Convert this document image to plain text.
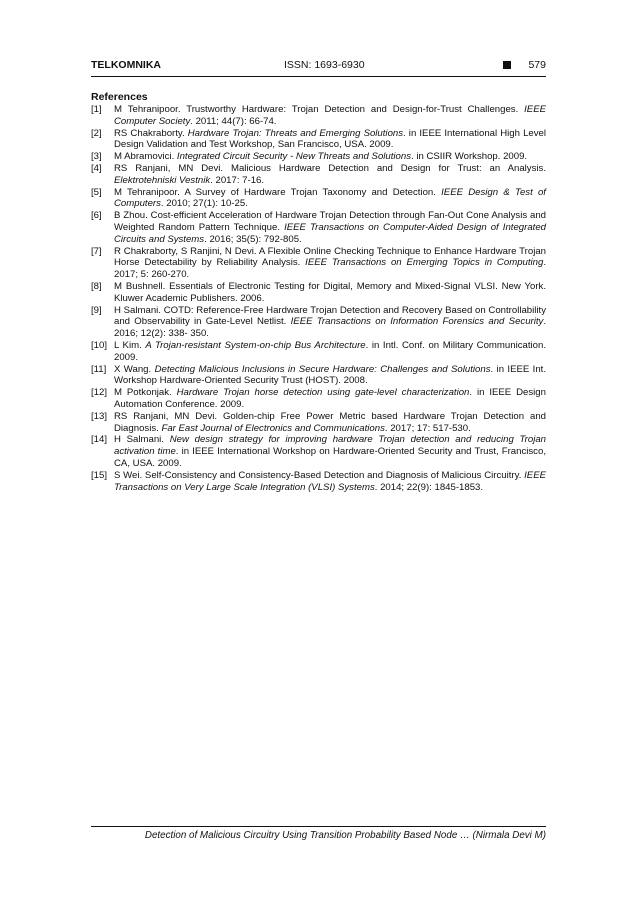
TELKOMNIKA	ISSN: 1693-6930	579
References
[1] M Tehranipoor. Trustworthy Hardware: Trojan Detection and Design-for-Trust Challenges. IEEE Computer Society. 2011; 44(7): 66-74.
[2] RS Chakraborty. Hardware Trojan: Threats and Emerging Solutions. in IEEE International High Level Design Validation and Test Workshop, San Francisco, USA. 2009.
[3] M Abramovici. Integrated Circuit Security - New Threats and Solutions. in CSIIR Workshop. 2009.
[4] RS Ranjani, MN Devi. Malicious Hardware Detection and Design for Trust: an Analysis. Elektrotehniski Vestnik. 2017: 7-16.
[5] M Tehranipoor. A Survey of Hardware Trojan Taxonomy and Detection. IEEE Design & Test of Computers. 2010; 27(1): 10-25.
[6] B Zhou. Cost-efficient Acceleration of Hardware Trojan Detection through Fan-Out Cone Analysis and Weighted Random Pattern Technique. IEEE Transactions on Computer-Aided Design of Integrated Circuits and Systems. 2016; 35(5): 792-805.
[7] R Chakraborty, S Ranjini, N Devi. A Flexible Online Checking Technique to Enhance Hardware Trojan Horse Detectability by Reliability Analysis. IEEE Transactions on Emerging Topics in Computing. 2017; 5: 260-270.
[8] M Bushnell. Essentials of Electronic Testing for Digital, Memory and Mixed-Signal VLSI. New York. Kluwer Academic Publishers. 2006.
[9] H Salmani. COTD: Reference-Free Hardware Trojan Detection and Recovery Based on Controllability and Observability in Gate-Level Netlist. IEEE Transactions on Information Forensics and Security. 2016; 12(2): 338- 350.
[10] L Kim. A Trojan-resistant System-on-chip Bus Architecture. in Intl. Conf. on Military Communication. 2009.
[11] X Wang. Detecting Malicious Inclusions in Secure Hardware: Challenges and Solutions. in IEEE Int. Workshop Hardware-Oriented Security Trust (HOST). 2008.
[12] M Potkonjak. Hardware Trojan horse detection using gate-level characterization. in IEEE Design Automation Conference. 2009.
[13] RS Ranjani, MN Devi. Golden-chip Free Power Metric based Hardware Trojan Detection and Diagnosis. Far East Journal of Electronics and Communications. 2017; 17: 517-530.
[14] H Salmani. New design strategy for improving hardware Trojan detection and reducing Trojan activation time. in IEEE International Workshop on Hardware-Oriented Security and Trust, Francisco, CA, USA. 2009.
[15] S Wei. Self-Consistency and Consistency-Based Detection and Diagnosis of Malicious Circuitry. IEEE Transactions on Very Large Scale Integration (VLSI) Systems. 2014; 22(9): 1845-1853.
Detection of Malicious Circuitry Using Transition Probability Based Node … (Nirmala Devi M)
